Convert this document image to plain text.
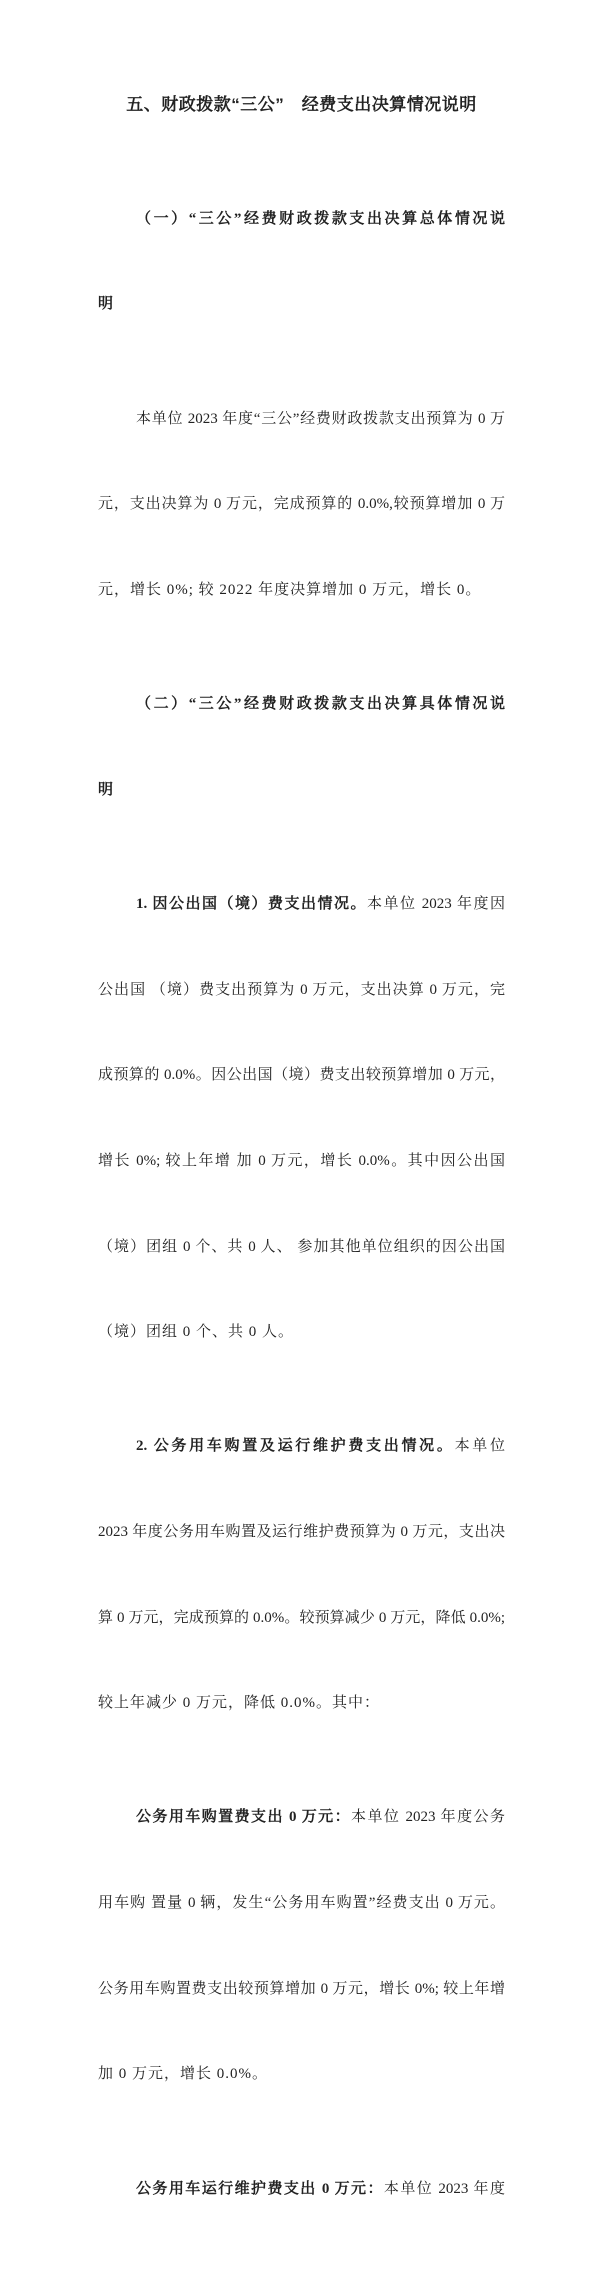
五、财政拨款“三公”　经费支出决算情况说明

（一）“三公”经费财政拨款支出决算总体情况说

明

本单位 2023 年度“三公”经费财政拨款支出预算为 0 万

元，支出决算为 0 万元，完成预算的 0.0%,较预算增加 0 万

元，增长 0%; 较 2022 年度决算增加 0 万元，增长 0。

（二）“三公”经费财政拨款支出决算具体情况说

明

1. 因公出国（境）费支出情况。本单位 2023 年度因

公出国 （境）费支出预算为 0 万元，支出决算 0 万元，完

成预算的 0.0%。因公出国（境）费支出较预算增加 0 万元，

增长 0%; 较上年增 加 0 万元，增长 0.0%。其中因公出国

（境）团组 0 个、共 0 人、 参加其他单位组织的因公出国

（境）团组 0 个、共 0 人。

2. 公务用车购置及运行维护费支出情况。本单位

2023 年度公务用车购置及运行维护费预算为 0 万元，支出决

算 0 万元，完成预算的 0.0%。较预算减少 0 万元，降低 0.0%;

较上年减少 0 万元，降低 0.0%。其中：

公务用车购置费支出 0 万元：本单位 2023 年度公务

用车购 置量 0 辆，发生“公务用车购置”经费支出 0 万元。

公务用车购置费支出较预算增加 0 万元，增长 0%; 较上年增

加 0 万元，增长 0.0%。

公务用车运行维护费支出 0 万元：本单位 2023 年度
